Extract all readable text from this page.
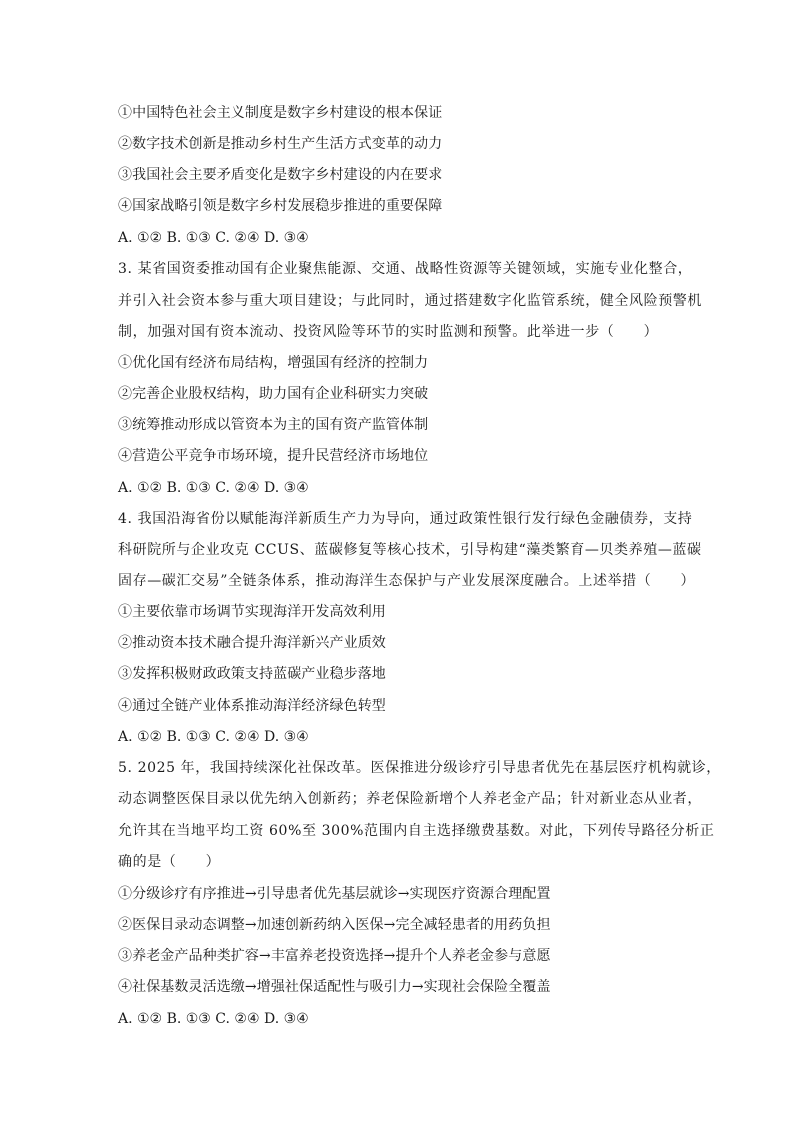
①中国特色社会主义制度是数字乡村建设的根本保证
②数字技术创新是推动乡村生产生活方式变革的动力
③我国社会主要矛盾变化是数字乡村建设的内在要求
④国家战略引领是数字乡村发展稳步推进的重要保障
A. ①② B. ①③ C. ②④ D. ③④
3. 某省国资委推动国有企业聚焦能源、交通、战略性资源等关键领域，实施专业化整合，
并引入社会资本参与重大项目建设；与此同时，通过搭建数字化监管系统，健全风险预警机
制，加强对国有资本流动、投资风险等环节的实时监测和预警。此举进一步（　　）
①优化国有经济布局结构，增强国有经济的控制力
②完善企业股权结构，助力国有企业科研实力突破
③统筹推动形成以管资本为主的国有资产监管体制
④营造公平竞争市场环境，提升民营经济市场地位
A. ①② B. ①③ C. ②④ D. ③④
4. 我国沿海省份以赋能海洋新质生产力为导向，通过政策性银行发行绿色金融债券，支持
科研院所与企业攻克 CCUS、蓝碳修复等核心技术，引导构建“藻类繁育—贝类养殖—蓝碳
固存—碳汇交易”全链条体系，推动海洋生态保护与产业发展深度融合。上述举措（　　）
①主要依靠市场调节实现海洋开发高效利用
②推动资本技术融合提升海洋新兴产业质效
③发挥积极财政政策支持蓝碳产业稳步落地
④通过全链产业体系推动海洋经济绿色转型
A. ①② B. ①③ C. ②④ D. ③④
5. 2025 年，我国持续深化社保改革。医保推进分级诊疗引导患者优先在基层医疗机构就诊，
动态调整医保目录以优先纳入创新药；养老保险新增个人养老金产品；针对新业态从业者，
允许其在当地平均工资 60%至 300%范围内自主选择缴费基数。对此，下列传导路径分析正
确的是（　　）
①分级诊疗有序推进→引导患者优先基层就诊→实现医疗资源合理配置
②医保目录动态调整→加速创新药纳入医保→完全减轻患者的用药负担
③养老金产品种类扩容→丰富养老投资选择→提升个人养老金参与意愿
④社保基数灵活选缴→增强社保适配性与吸引力→实现社会保险全覆盖
A. ①② B. ①③ C. ②④ D. ③④
